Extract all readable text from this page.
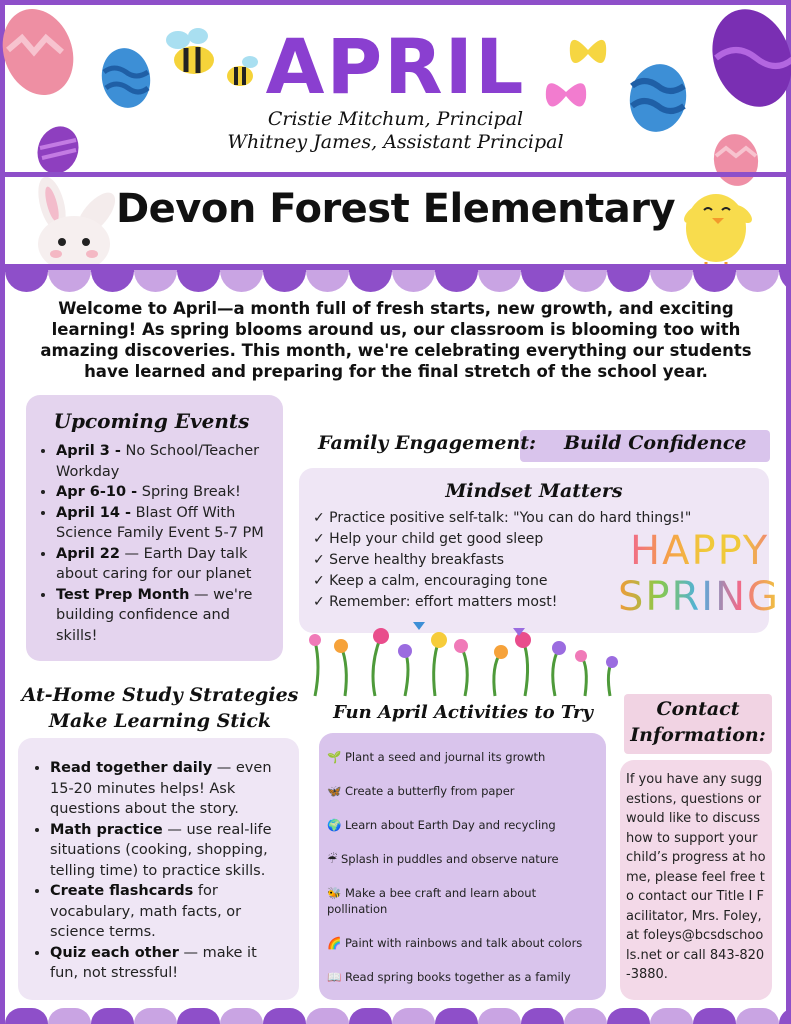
APRIL
Cristie Mitchum, Principal
Whitney James, Assistant Principal
Devon Forest Elementary
Welcome to April—a month full of fresh starts, new growth, and exciting learning! As spring blooms around us, our classroom is blooming too with amazing discoveries. This month, we're celebrating everything our students have learned and preparing for the final stretch of the school year.
Upcoming Events
• April 3 - No School/Teacher Workday
• Apr 6-10 - Spring Break!
• April 14 - Blast Off With Science Family Event 5-7 PM
• April 22 — Earth Day talk about caring for our planet
• Test Prep Month — we're building confidence and skills!
Family Engagement: Build Confidence
Mindset Matters
✓ Practice positive self-talk: "You can do hard things!"
✓ Help your child get good sleep
✓ Serve healthy breakfasts
✓ Keep a calm, encouraging tone
✓ Remember: effort matters most!
HAPPY
SPRING
At-Home Study Strategies
Make Learning Stick
• Read together daily — even 15-20 minutes helps! Ask questions about the story.
• Math practice — use real-life situations (cooking, shopping, telling time) to practice skills.
• Create flashcards for vocabulary, math facts, or science terms.
• Quiz each other — make it fun, not stressful!
Fun April Activities to Try
🌱 Plant a seed and journal its growth
🦋 Create a butterfly from paper
🌍 Learn about Earth Day and recycling
☔ Splash in puddles and observe nature
🐝 Make a bee craft and learn about pollination
🌈 Paint with rainbows and talk about colors
📖 Read spring books together as a family
Contact
Information:
If you have any suggestions, questions or would like to discuss how to support your child’s progress at home, please feel free to contact our Title I Facilitator, Mrs. Foley, at foleys@bcsdschools.net or call 843-820-3880.
